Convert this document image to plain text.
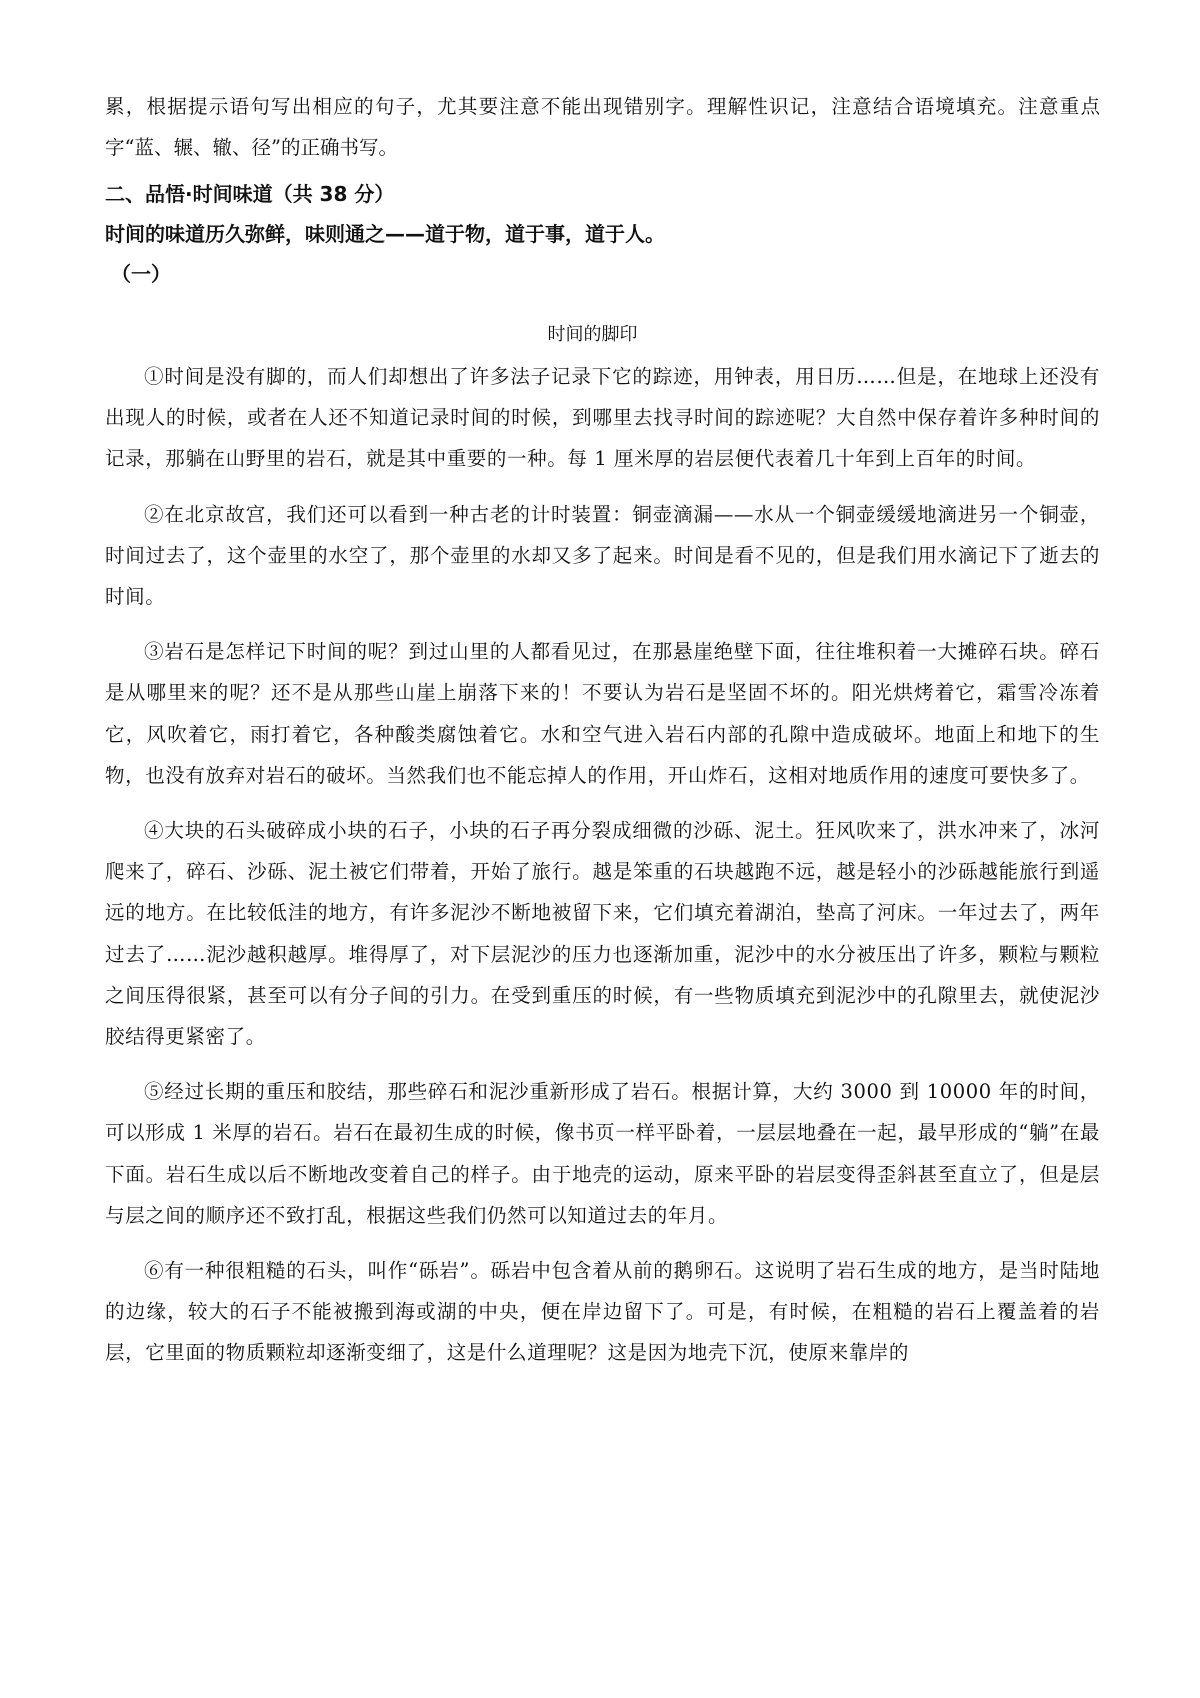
累，根据提示语句写出相应的句子，尤其要注意不能出现错别字。理解性识记，注意结合语境填充。注意重点字“蓝、辗、辙、径”的正确书写。

二、品悟·时间味道（共 38 分）

时间的味道历久弥鲜，味则通之——道于物，道于事，道于人。

（一）

时间的脚印

①时间是没有脚的，而人们却想出了许多法子记录下它的踪迹，用钟表，用日历……但是，在地球上还没有出现人的时候，或者在人还不知道记录时间的时候，到哪里去找寻时间的踪迹呢？大自然中保存着许多种时间的记录，那躺在山野里的岩石，就是其中重要的一种。每 1 厘米厚的岩层便代表着几十年到上百年的时间。

②在北京故宫，我们还可以看到一种古老的计时装置：铜壶滴漏——水从一个铜壶缓缓地滴进另一个铜壶，时间过去了，这个壶里的水空了，那个壶里的水却又多了起来。时间是看不见的，但是我们用水滴记下了逝去的时间。

③岩石是怎样记下时间的呢？到过山里的人都看见过，在那悬崖绝壁下面，往往堆积着一大摊碎石块。碎石是从哪里来的呢？还不是从那些山崖上崩落下来的！不要认为岩石是坚固不坏的。阳光烘烤着它，霜雪冷冻着它，风吹着它，雨打着它，各种酸类腐蚀着它。水和空气进入岩石内部的孔隙中造成破坏。地面上和地下的生物，也没有放弃对岩石的破坏。当然我们也不能忘掉人的作用，开山炸石，这相对地质作用的速度可要快多了。

④大块的石头破碎成小块的石子，小块的石子再分裂成细微的沙砾、泥土。狂风吹来了，洪水冲来了，冰河爬来了，碎石、沙砾、泥土被它们带着，开始了旅行。越是笨重的石块越跑不远，越是轻小的沙砾越能旅行到遥远的地方。在比较低洼的地方，有许多泥沙不断地被留下来，它们填充着湖泊，垫高了河床。一年过去了，两年过去了……泥沙越积越厚。堆得厚了，对下层泥沙的压力也逐渐加重，泥沙中的水分被压出了许多，颗粒与颗粒之间压得很紧，甚至可以有分子间的引力。在受到重压的时候，有一些物质填充到泥沙中的孔隙里去，就使泥沙胶结得更紧密了。

⑤经过长期的重压和胶结，那些碎石和泥沙重新形成了岩石。根据计算，大约 3000 到 10000 年的时间，可以形成 1 米厚的岩石。岩石在最初生成的时候，像书页一样平卧着，一层层地叠在一起，最早形成的“躺”在最下面。岩石生成以后不断地改变着自己的样子。由于地壳的运动，原来平卧的岩层变得歪斜甚至直立了，但是层与层之间的顺序还不致打乱，根据这些我们仍然可以知道过去的年月。

⑥有一种很粗糙的石头，叫作“砾岩”。砾岩中包含着从前的鹅卵石。这说明了岩石生成的地方，是当时陆地的边缘，较大的石子不能被搬到海或湖的中央，便在岸边留下了。可是，有时候，在粗糙的岩石上覆盖着的岩层，它里面的物质颗粒却逐渐变细了，这是什么道理呢？这是因为地壳下沉，使原来靠岸的
